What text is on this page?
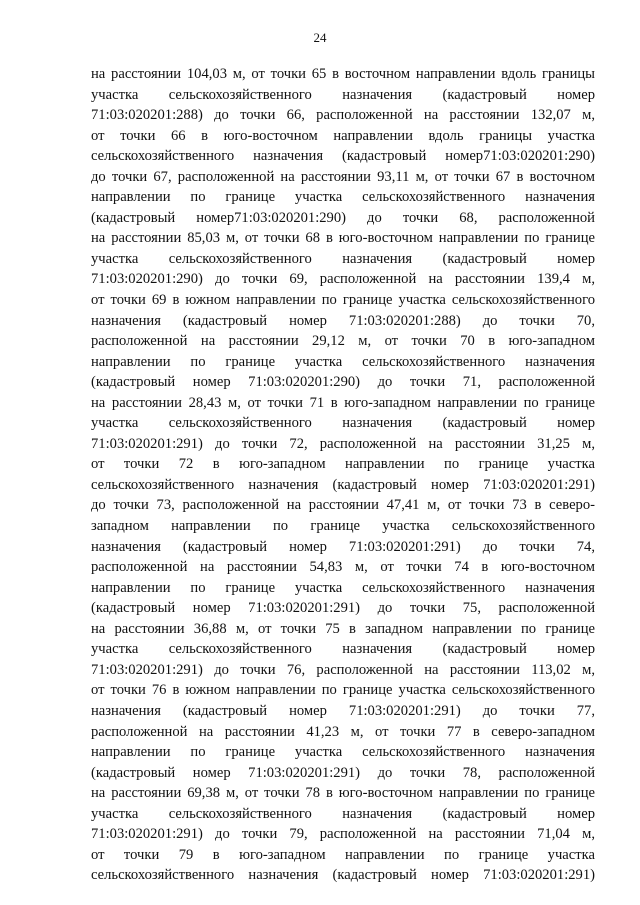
24
на расстоянии 104,03 м, от точки 65 в восточном направлении вдоль границы
участка сельскохозяйственного назначения (кадастровый номер
71:03:020201:288) до точки 66, расположенной на расстоянии 132,07 м,
от точки 66 в юго-восточном направлении вдоль границы участка
сельскохозяйственного назначения (кадастровый номер71:03:020201:290)
до точки 67, расположенной на расстоянии 93,11 м, от точки 67 в восточном
направлении по границе участка сельскохозяйственного назначения
(кадастровый номер71:03:020201:290) до точки 68, расположенной
на расстоянии 85,03 м, от точки 68 в юго-восточном направлении по границе
участка сельскохозяйственного назначения (кадастровый номер
71:03:020201:290) до точки 69, расположенной на расстоянии 139,4 м,
от точки 69 в южном направлении по границе участка сельскохозяйственного
назначения (кадастровый номер 71:03:020201:288) до точки 70,
расположенной на расстоянии 29,12 м, от точки 70 в юго-западном
направлении по границе участка сельскохозяйственного назначения
(кадастровый номер 71:03:020201:290) до точки 71, расположенной
на расстоянии 28,43 м, от точки 71 в юго-западном направлении по границе
участка сельскохозяйственного назначения (кадастровый номер
71:03:020201:291) до точки 72, расположенной на расстоянии 31,25 м,
от точки 72 в юго-западном направлении по границе участка
сельскохозяйственного назначения (кадастровый номер 71:03:020201:291)
до точки 73, расположенной на расстоянии 47,41 м, от точки 73 в северо-
западном направлении по границе участка сельскохозяйственного
назначения (кадастровый номер 71:03:020201:291) до точки 74,
расположенной на расстоянии 54,83 м, от точки 74 в юго-восточном
направлении по границе участка сельскохозяйственного назначения
(кадастровый номер 71:03:020201:291) до точки 75, расположенной
на расстоянии 36,88 м, от точки 75 в западном направлении по границе
участка сельскохозяйственного назначения (кадастровый номер
71:03:020201:291) до точки 76, расположенной на расстоянии 113,02 м,
от точки 76 в южном направлении по границе участка сельскохозяйственного
назначения (кадастровый номер 71:03:020201:291) до точки 77,
расположенной на расстоянии 41,23 м, от точки 77 в северо-западном
направлении по границе участка сельскохозяйственного назначения
(кадастровый номер 71:03:020201:291) до точки 78, расположенной
на расстоянии 69,38 м, от точки 78 в юго-восточном направлении по границе
участка сельскохозяйственного назначения (кадастровый номер
71:03:020201:291) до точки 79, расположенной на расстоянии 71,04 м,
от точки 79 в юго-западном направлении по границе участка
сельскохозяйственного назначения (кадастровый номер 71:03:020201:291)
